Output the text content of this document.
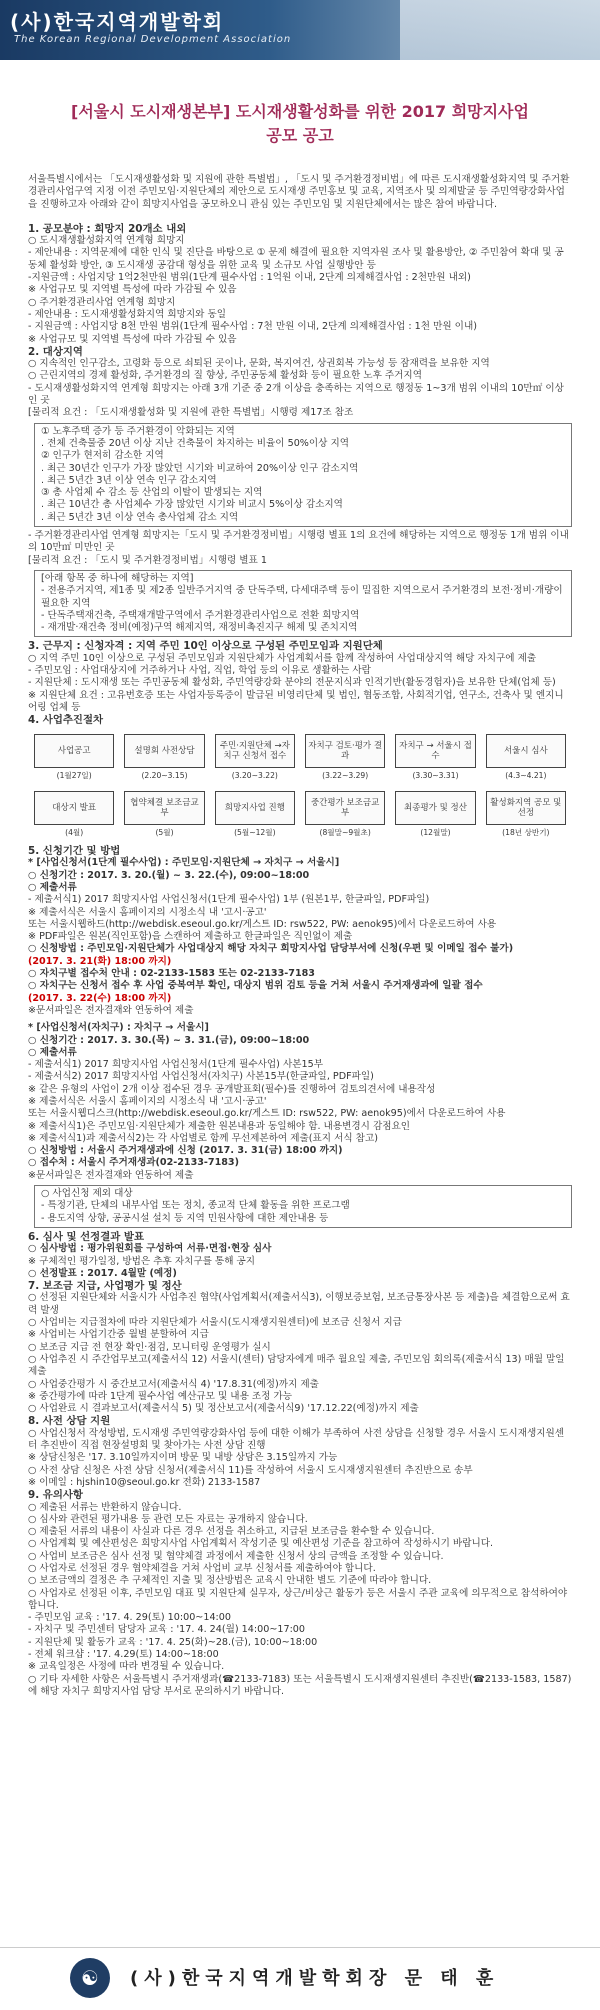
(사)한국지역개발학회
The Korean Regional Development Association
[서울시 도시재생본부] 도시재생활성화를 위한 2017 희망지사업
공모 공고

서울특별시에서는 「도시재생활성화 및 지원에 관한 특별법」, 「도시 및 주거환경정비법」에 따른 도시재생활성화지역 및 주거환경관리사업구역 지정 이전 주민모임·지원단체의 제안으로 도시재생 주민홍보 및 교육, 지역조사 및 의제발굴 등 주민역량강화사업을 진행하고자 아래와 같이 희망지사업을 공모하오니 관심 있는 주민모임 및 지원단체에서는 많은 참여 바랍니다.

1. 공모분야 : 희망지 20개소 내외

○ 도시재생활성화지역 연계형 희망지

- 제안내용 : 지역문제에 대한 인식 및 진단을 바탕으로 ① 문제 해결에 필요한 지역자원 조사 및 활용방안, ② 주민참여 확대 및 공동체 활성화 방안, ③ 도시재생 공감대 형성을 위한 교육 및 소규모 사업 실행방안 등

-지원금액 : 사업지당 1억2천만원 범위(1단계 필수사업 : 1억원 이내, 2단계 의제해결사업 : 2천만원 내외)

※ 사업규모 및 지역별 특성에 따라 가감될 수 있음

○ 주거환경관리사업 연계형 희망지

- 제안내용 : 도시재생활성화지역 희망지와 동일

- 지원금액 : 사업지당 8천 만원 범위(1단계 필수사업 : 7천 만원 이내, 2단계 의제해결사업 : 1천 만원 이내)

※ 사업규모 및 지역별 특성에 따라 가감될 수 있음

2. 대상지역

○ 지속적인 인구감소, 고령화 등으로 쇠퇴된 곳이나, 문화, 복지여건, 상권회복 가능성 등 잠재력을 보유한 지역

○ 근린지역의 경제 활성화, 주거환경의 질 향상, 주민공동체 활성화 등이 필요한 노후 주거지역

- 도시재생활성화지역 연계형 희망지는 아래 3개 기준 중 2개 이상을 충족하는 지역으로 행정동 1~3개 범위 이내의 10만㎡ 이상인 곳

[물리적 요건 : 「도시재생활성화 및 지원에 관한 특별법」시행령 제17조 참조

① 노후주택 증가 등 주거환경이 악화되는 지역

. 전체 건축물중 20년 이상 지난 건축물이 차지하는 비율이 50%이상 지역

② 인구가 현저히 감소한 지역

. 최근 30년간 인구가 가장 많았던 시기와 비교하여 20%이상 인구 감소지역

. 최근 5년간 3년 이상 연속 인구 감소지역

③ 총 사업체 수 감소 등 산업의 이탈이 발생되는 지역

. 최근 10년간 총 사업체수 가장 많았던 시기와 비교시 5%이상 감소지역

. 최근 5년간 3년 이상 연속 총사업체 감소 지역

- 주거환경관리사업 연계형 희망지는「도시 및 주거환경정비법」시행령 별표 1의 요건에 해당하는 지역으로 행정동 1개 범위 이내의 10만㎡ 미만인 곳

[물리적 요건 : 「도시 및 주거환경정비법」시행령 별표 1

[아래 항목 중 하나에 해당하는 지역]

- 전용주거지역, 제1종 및 제2종 일반주거지역 중 단독주택, 다세대주택 등이 밀집한 지역으로서 주거환경의 보전·정비·개량이 필요한 지역

- 단독주택재건축, 주택재개발구역에서 주거환경관리사업으로 전환 희망지역

- 재개발·재건축 정비(예정)구역 해제지역, 재정비촉진지구 해제 및 존치지역

3. 근무지 : 신청자격 : 지역 주민 10인 이상으로 구성된 주민모임과 지원단체

○ 지역 주민 10인 이상으로 구성된 주민모임과 지원단체가 사업계획서를 함께 작성하여 사업대상지역 해당 자치구에 제출

- 주민모임 : 사업대상지에 거주하거나 사업, 직업, 학업 등의 이유로 생활하는 사람

- 지원단체 : 도시재생 또는 주민공동체 활성화, 주민역량강화 분야의 전문지식과 인적기반(활동경험자)을 보유한 단체(업체 등)

※ 지원단체 요건 : 고유번호증 또는 사업자등록증이 발급된 비영리단체 및 법인, 협동조합, 사회적기업, 연구소, 건축사 및 엔지니어링 업체 등

4. 사업추진절차

사업공고
(1월27일)
설명회 사전상담
(2.20~3.15)
주민·지원단체 →자치구 신청서 접수
(3.20~3.22)
자치구 검토·평가 결과
(3.22~3.29)
자치구 → 서울시 접수
(3.30~3.31)
서울시 심사
(4.3~4.21)
대상지 발표
(4월)
협약체결 보조금교부
(5월)
희망지사업 진행
(5월~12월)
중간평가 보조금교부
(8월말~9월초)
최종평가 및 정산
(12월말)
활성화지역 공모 및 선정
(18년 상반기)

5. 신청기간 및 방법

* [사업신청서(1단계 필수사업) : 주민모임·지원단체 → 자치구 → 서울시]

○ 신청기간 : 2017. 3. 20.(월) ~ 3. 22.(수), 09:00~18:00

○ 제출서류

- 제출서식1) 2017 희망지사업 사업신청서(1단계 필수사업) 1부 (원본1부, 한글파일, PDF파일)

※ 제출서식은 서울시 홈페이지의 시정소식 내 '고시·공고'

또는 서울시웹하드(http://webdisk.eseoul.go.kr/게스트 ID: rsw522, PW: aenok95)에서 다운로드하여 사용

※ PDF파일은 원본(직인포함)을 스캔하여 제출하고 한글파일은 직인없이 제출

○ 신청방법 : 주민모임·지원단체가 사업대상지 해당 자치구 희망지사업 담당부서에 신청(우편 및 이메일 접수 불가)

(2017. 3. 21(화) 18:00 까지)

○ 자치구별 접수처 안내 : 02-2133-1583 또는 02-2133-7183

○ 자치구는 신청서 접수 후 사업 중복여부 확인, 대상지 범위 검토 등을 거쳐 서울시 주거재생과에 일괄 접수

(2017. 3. 22(수) 18:00 까지)

※문서파일은 전자결재와 연동하여 제출

* [사업신청서(자치구) : 자치구 → 서울시]

○ 신청기간 : 2017. 3. 30.(목) ~ 3. 31.(금), 09:00~18:00

○ 제출서류

- 제출서식1) 2017 희망지사업 사업신청서(1단계 필수사업) 사본15부

- 제출서식2) 2017 희망지사업 사업신청서(자치구) 사본15부(한글파일, PDF파일)

※ 같은 유형의 사업이 2개 이상 접수된 경우 공개발표회(필수)를 진행하여 검토의견서에 내용작성

※ 제출서식은 서울시 홈페이지의 시정소식 내 '고시·공고'

또는 서울시웹디스크(http://webdisk.eseoul.go.kr/게스트 ID: rsw522, PW: aenok95)에서 다운로드하여 사용

※ 제출서식1)은 주민모임·지원단체가 제출한 원본내용과 동일해야 함. 내용변경시 감점요인

※ 제출서식1)과 제출서식2)는 각 사업별로 함께 무선제본하여 제출(표지 서식 참고)

○ 신청방법 : 서울시 주거재생과에 신청 (2017. 3. 31(금) 18:00 까지)

○ 접수처 : 서울시 주거재생과(02-2133-7183)

※문서파일은 전자결재와 연동하여 제출

○ 사업신청 제외 대상

- 특정기관, 단체의 내부사업 또는 정치, 종교적 단체 활동을 위한 프로그램

- 용도지역 상향, 공공시설 설치 등 지역 민원사항에 대한 제안내용 등

6. 심사 및 선정결과 발표

○ 심사방법 : 평가위원회를 구성하여 서류·면접·현장 심사

※ 구체적인 평가일정, 방법은 추후 자치구를 통해 공지

○ 선정발표 : 2017. 4월말 (예정)

7. 보조금 지급, 사업평가 및 정산

○ 선정된 지원단체와 서울시가 사업추진 협약(사업계획서(제출서식3), 이행보증보험, 보조금통장사본 등 제출)을 체결함으로써 효력 발생

○ 사업비는 지급절차에 따라 지원단체가 서울시(도시재생지원센터)에 보조금 신청서 지급

※ 사업비는 사업기간중 월별 분할하여 지급

○ 보조금 지급 전 현장 확인·점검, 모니터링 운영평가 실시

○ 사업추진 시 주간업무보고(제출서식 12) 서울시(센터) 담당자에게 매주 월요일 제출, 주민모임 회의록(제출서식 13) 매월 말일 제출

○ 사업중간평가 시 중간보고서(제출서식 4) '17.8.31(예정)까지 제출

※ 중간평가에 따라 1단계 필수사업 예산규모 및 내용 조정 가능

○ 사업완료 시 결과보고서(제출서식 5) 및 정산보고서(제출서식9) '17.12.22(예정)까지 제출

8. 사전 상담 지원

○ 사업신청서 작성방법, 도시재생 주민역량강화사업 등에 대한 이해가 부족하여 사전 상담을 신청할 경우 서울시 도시재생지원센터 추진반이 직접 현장설명회 및 찾아가는 사전 상담 진행

※ 상담신청은 '17. 3.10일까지이며 방문 및 내방 상담은 3.15일까지 가능

○ 사전 상담 신청은 사전 상담 신청서(제출서식 11)를 작성하여 서울시 도시재생지원센터 추진반으로 송부

※ 이메일 : hjshin10@seoul.go.kr 전화) 2133-1587

9. 유의사항

○ 제출된 서류는 반환하지 않습니다.

○ 심사와 관련된 평가내용 등 관련 모든 자료는 공개하지 않습니다.

○ 제출된 서류의 내용이 사실과 다른 경우 선정을 취소하고, 지급된 보조금을 환수할 수 있습니다.

○ 사업계획 및 예산편성은 희망지사업 사업계획서 작성기준 및 예산편성 기준을 참고하여 작성하시기 바랍니다.

○ 사업비 보조금은 심사 선정 및 협약체결 과정에서 제출한 신청서 상의 금액을 조정할 수 있습니다.

○ 사업자로 선정된 경우 협약체결을 거쳐 사업비 교부 신청서를 제출하여야 합니다.

○ 보조금액의 결정은 추 구체적인 지출 및 정산방법은 교육시 안내한 별도 기준에 따라야 합니다.

○ 사업자로 선정된 이후, 주민모임 대표 및 지원단체 실무자, 상근/비상근 활동가 등은 서울시 주관 교육에 의무적으로 참석하여야 합니다.

- 주민모임 교육 : '17. 4. 29(토) 10:00~14:00

- 자치구 및 주민센터 담당자 교육 : '17. 4. 24(월) 14:00~17:00

- 지원단체 및 활동가 교육 : '17. 4. 25(화)~28.(금), 10:00~18:00

- 전체 워크샵 : '17. 4.29(토) 14:00~18:00

※ 교육일정은 사정에 따라 변경될 수 있습니다.

○ 기타 자세한 사항은 서울특별시 주거재생과(☎2133-7183) 또는 서울특별시 도시재생지원센터 추진반(☎2133-1583, 1587) 에 해당 자치구 희망지사업 담당 부서로 문의하시기 바랍니다.

☯	(사)한국지역개발학회장 문 태 훈
